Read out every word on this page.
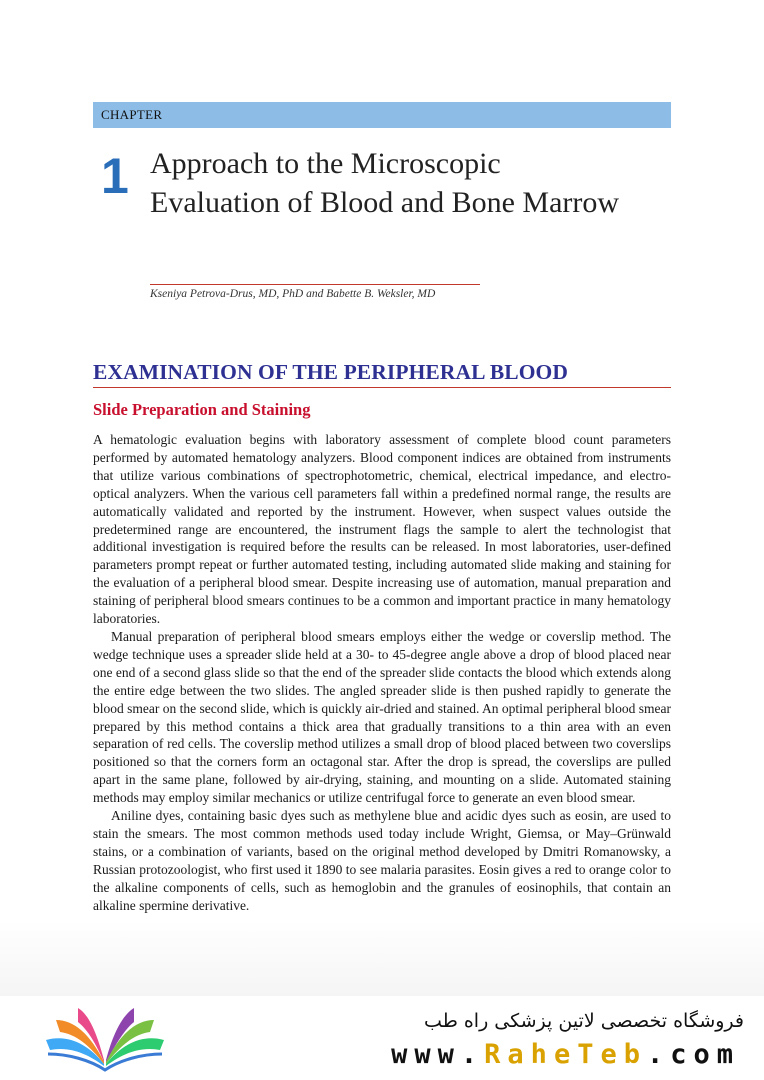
CHAPTER
1 Approach to the Microscopic Evaluation of Blood and Bone Marrow
Kseniya Petrova-Drus, MD, PhD and Babette B. Weksler, MD
EXAMINATION OF THE PERIPHERAL BLOOD
Slide Preparation and Staining

A hematologic evaluation begins with laboratory assessment of complete blood count parameters performed by automated hematology analyzers. Blood component indices are obtained from instruments that utilize various combinations of spectrophotometric, chemical, electrical impedance, and electro-optical analyzers. When the various cell parameters fall within a predefined normal range, the results are automatically validated and reported by the instrument. However, when suspect values outside the predetermined range are encountered, the instrument flags the sample to alert the technologist that additional investigation is required before the results can be released. In most laboratories, user-defined parameters prompt repeat or further automated testing, including automated slide making and staining for the evaluation of a peripheral blood smear. Despite increasing use of automation, manual preparation and staining of peripheral blood smears continues to be a common and important practice in many hematology laboratories.

Manual preparation of peripheral blood smears employs either the wedge or coverslip method. The wedge technique uses a spreader slide held at a 30- to 45-degree angle above a drop of blood placed near one end of a second glass slide so that the end of the spreader slide contacts the blood which extends along the entire edge between the two slides. The angled spreader slide is then pushed rapidly to generate the blood smear on the second slide, which is quickly air-dried and stained. An optimal peripheral blood smear prepared by this method contains a thick area that gradually transitions to a thin area with an even separation of red cells. The coverslip method utilizes a small drop of blood placed between two coverslips positioned so that the corners form an octagonal star. After the drop is spread, the coverslips are pulled apart in the same plane, followed by air-drying, staining, and mounting on a slide. Automated staining methods may employ similar mechanics or utilize centrifugal force to generate an even blood smear.

Aniline dyes, containing basic dyes such as methylene blue and acidic dyes such as eosin, are used to stain the smears. The most common methods used today include Wright, Giemsa, or May–Grünwald stains, or a combination of variants, based on the original method developed by Dmitri Romanowsky, a Russian protozoologist, who first used it 1890 to see malaria parasites. Eosin gives a red to orange color to the alkaline components of cells, such as hemoglobin and the granules of eosinophils, that contain an alkaline spermine derivative.

فروشگاه تخصصی لاتین پزشکی راه طب
www.RaheTeb.com
